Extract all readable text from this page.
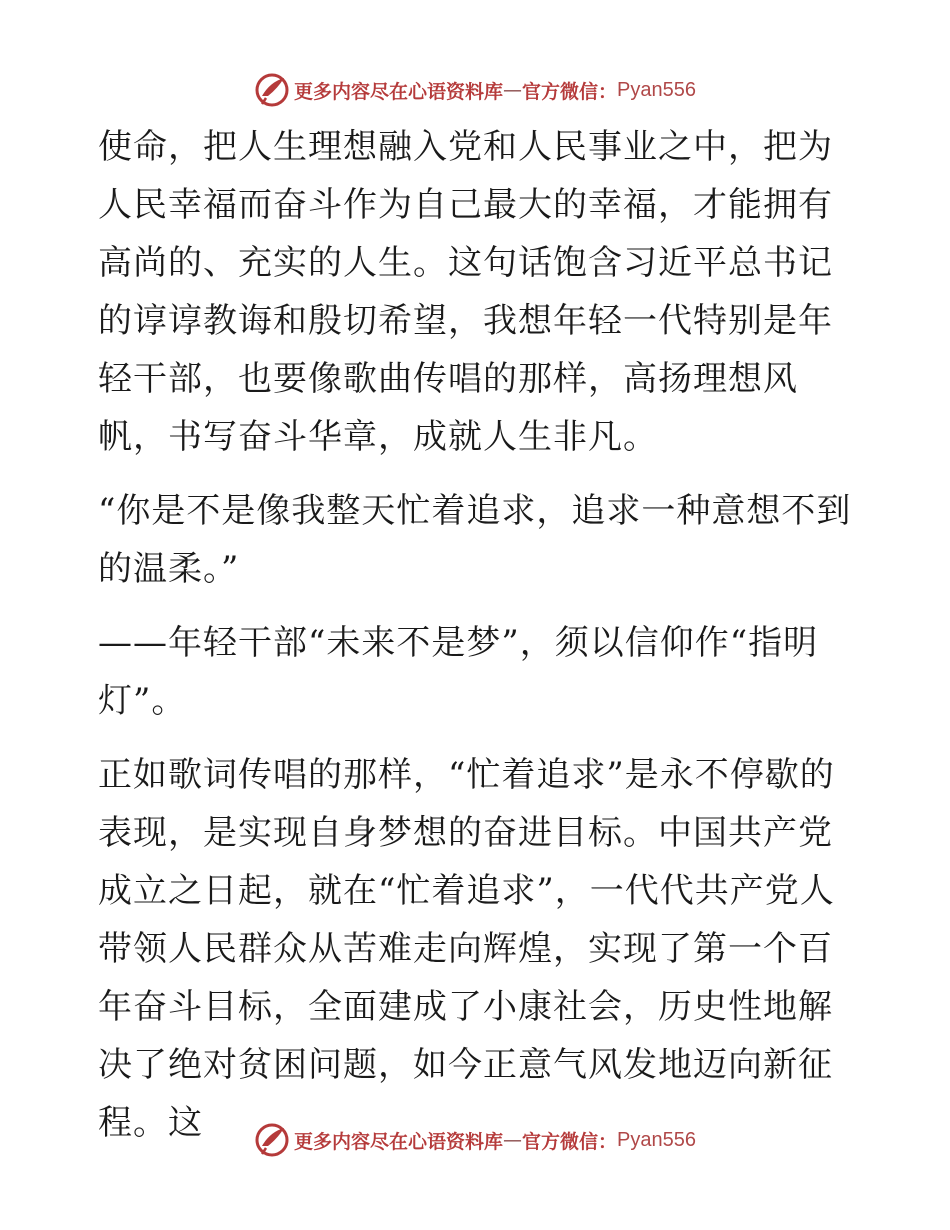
更多内容尽在心语资料库 — 官方微信： Pyan556

使命，把人生理想融入党和人民事业之中，把为人民幸福而奋斗作为自己最大的幸福，才能拥有高尚的、充实的人生。这句话饱含习近平总书记的谆谆教诲和殷切希望，我想年轻一代特别是年轻干部，也要像歌曲传唱的那样，高扬理想风帆，书写奋斗华章，成就人生非凡。

“你是不是像我整天忙着追求，追求一种意想不到的温柔。”

——年轻干部“未来不是梦”，须以信仰作“指明灯”。

正如歌词传唱的那样，“忙着追求”是永不停歇的表现，是实现自身梦想的奋进目标。中国共产党成立之日起，就在“忙着追求”，一代代共产党人带领人民群众从苦难走向辉煌，实现了第一个百年奋斗目标，全面建成了小康社会，历史性地解决了绝对贫困问题，如今正意气风发地迈向新征程。这	更多内容尽在心语资料库 — 官方微信： Pyan556
